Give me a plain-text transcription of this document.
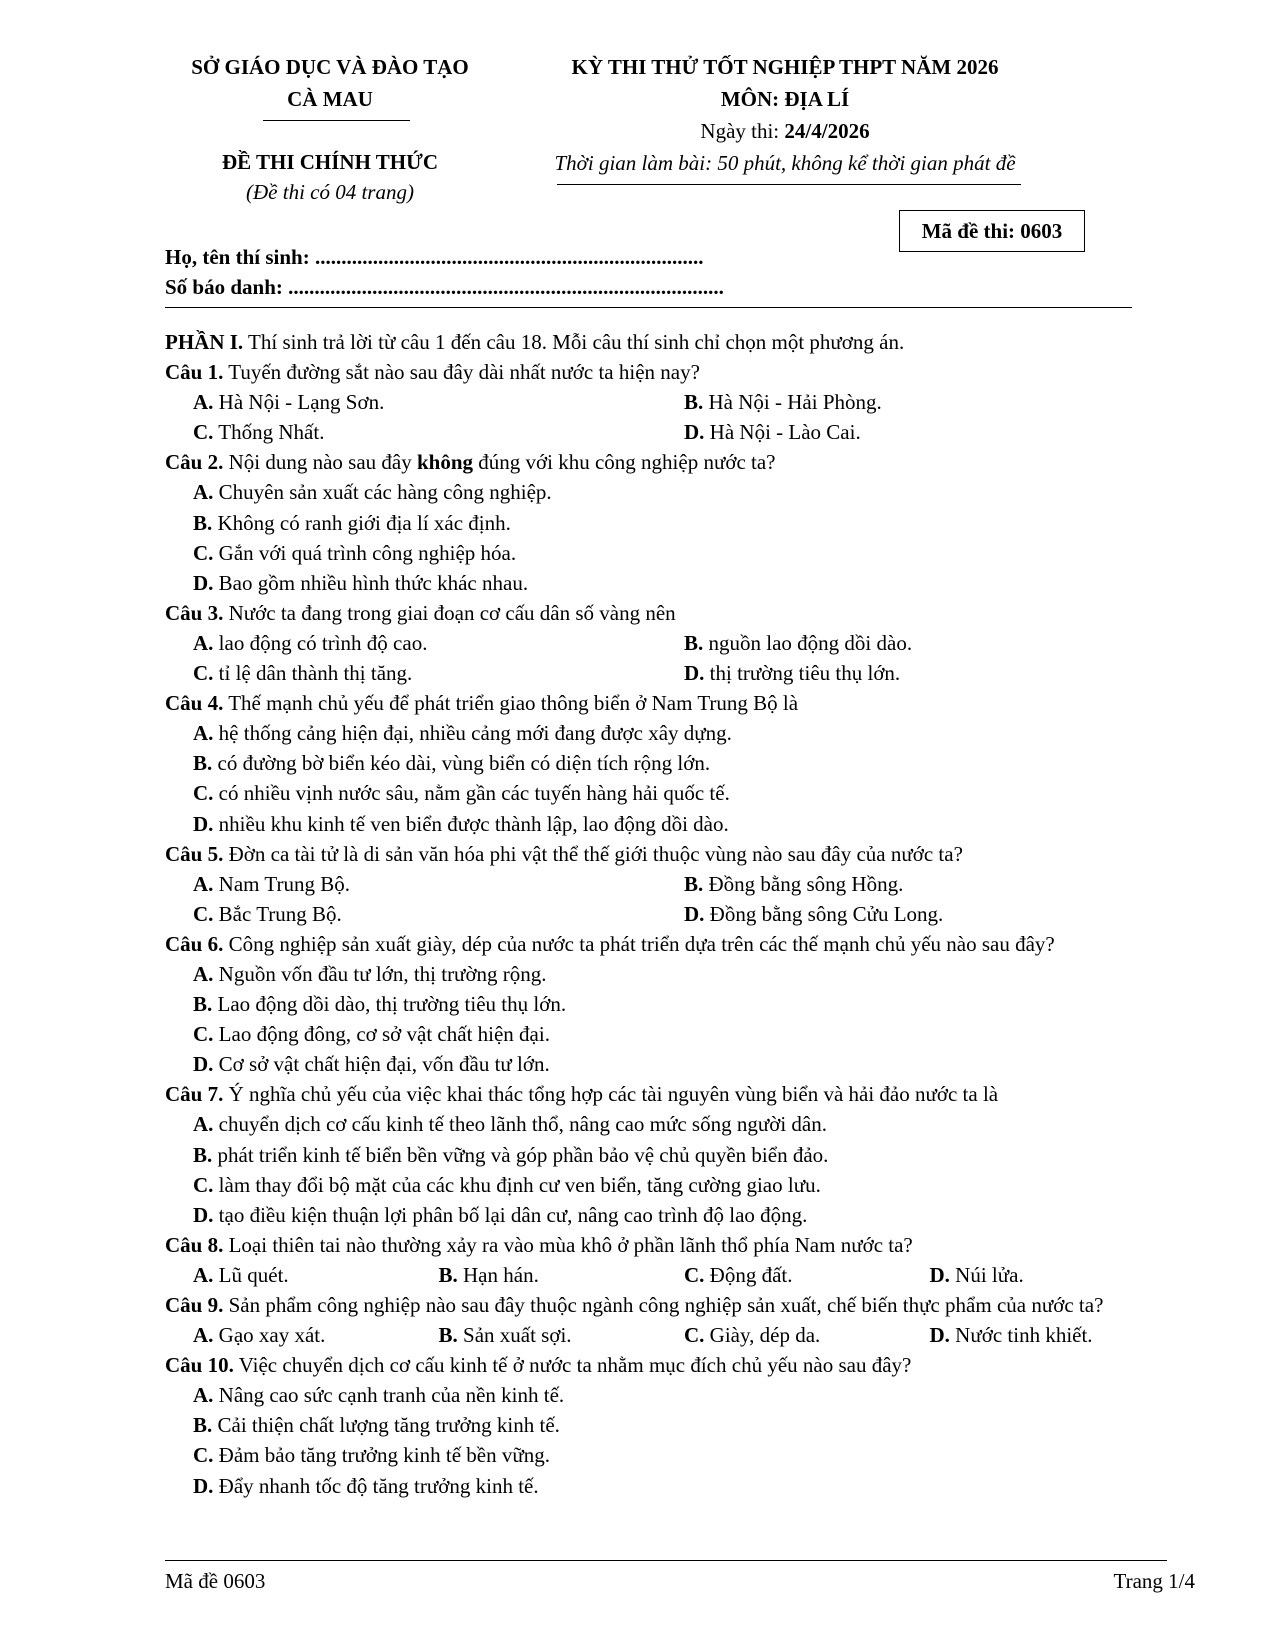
SỞ GIÁO DỤC VÀ ĐÀO TẠO
CÀ MAU
ĐỀ THI CHÍNH THỨC
(Đề thi có 04 trang)
KỲ THI THỬ TỐT NGHIỆP THPT NĂM 2026
MÔN: ĐỊA LÍ
Ngày thi: 24/4/2026
Thời gian làm bài: 50 phút, không kể thời gian phát đề
Mã đề thi: 0603
Họ, tên thí sinh: ..........................................................................
Số báo danh: ...................................................................................

PHẦN I. Thí sinh trả lời từ câu 1 đến câu 18. Mỗi câu thí sinh chỉ chọn một phương án.

Câu 1. Tuyến đường sắt nào sau đây dài nhất nước ta hiện nay?

A. Hà Nội - Lạng Sơn.	B. Hà Nội - Hải Phòng.
C. Thống Nhất.	D. Hà Nội - Lào Cai.

Câu 2. Nội dung nào sau đây không đúng với khu công nghiệp nước ta?

A. Chuyên sản xuất các hàng công nghiệp.
B. Không có ranh giới địa lí xác định.
C. Gắn với quá trình công nghiệp hóa.
D. Bao gồm nhiều hình thức khác nhau.

Câu 3. Nước ta đang trong giai đoạn cơ cấu dân số vàng nên

A. lao động có trình độ cao.	B. nguồn lao động dồi dào.
C. tỉ lệ dân thành thị tăng.	D. thị trường tiêu thụ lớn.

Câu 4. Thế mạnh chủ yếu để phát triển giao thông biển ở Nam Trung Bộ là

A. hệ thống cảng hiện đại, nhiều cảng mới đang được xây dựng.
B. có đường bờ biển kéo dài, vùng biển có diện tích rộng lớn.
C. có nhiều vịnh nước sâu, nằm gần các tuyến hàng hải quốc tế.
D. nhiều khu kinh tế ven biển được thành lập, lao động dồi dào.

Câu 5. Đờn ca tài tử là di sản văn hóa phi vật thể thế giới thuộc vùng nào sau đây của nước ta?

A. Nam Trung Bộ.	B. Đồng bằng sông Hồng.
C. Bắc Trung Bộ.	D. Đồng bằng sông Cửu Long.

Câu 6. Công nghiệp sản xuất giày, dép của nước ta phát triển dựa trên các thế mạnh chủ yếu nào sau đây?

A. Nguồn vốn đầu tư lớn, thị trường rộng.
B. Lao động dồi dào, thị trường tiêu thụ lớn.
C. Lao động đông, cơ sở vật chất hiện đại.
D. Cơ sở vật chất hiện đại, vốn đầu tư lớn.

Câu 7. Ý nghĩa chủ yếu của việc khai thác tổng hợp các tài nguyên vùng biển và hải đảo nước ta là

A. chuyển dịch cơ cấu kinh tế theo lãnh thổ, nâng cao mức sống người dân.
B. phát triển kinh tế biển bền vững và góp phần bảo vệ chủ quyền biển đảo.
C. làm thay đổi bộ mặt của các khu định cư ven biển, tăng cường giao lưu.
D. tạo điều kiện thuận lợi phân bố lại dân cư, nâng cao trình độ lao động.

Câu 8. Loại thiên tai nào thường xảy ra vào mùa khô ở phần lãnh thổ phía Nam nước ta?

A. Lũ quét.	B. Hạn hán.	C. Động đất.	D. Núi lửa.

Câu 9. Sản phẩm công nghiệp nào sau đây thuộc ngành công nghiệp sản xuất, chế biến thực phẩm của nước ta?

A. Gạo xay xát.	B. Sản xuất sợi.	C. Giày, dép da.	D. Nước tinh khiết.

Câu 10. Việc chuyển dịch cơ cấu kinh tế ở nước ta nhằm mục đích chủ yếu nào sau đây?

A. Nâng cao sức cạnh tranh của nền kinh tế.
B. Cải thiện chất lượng tăng trưởng kinh tế.
C. Đảm bảo tăng trưởng kinh tế bền vững.
D. Đẩy nhanh tốc độ tăng trưởng kinh tế.
Mã đề 0603	Trang 1/4
